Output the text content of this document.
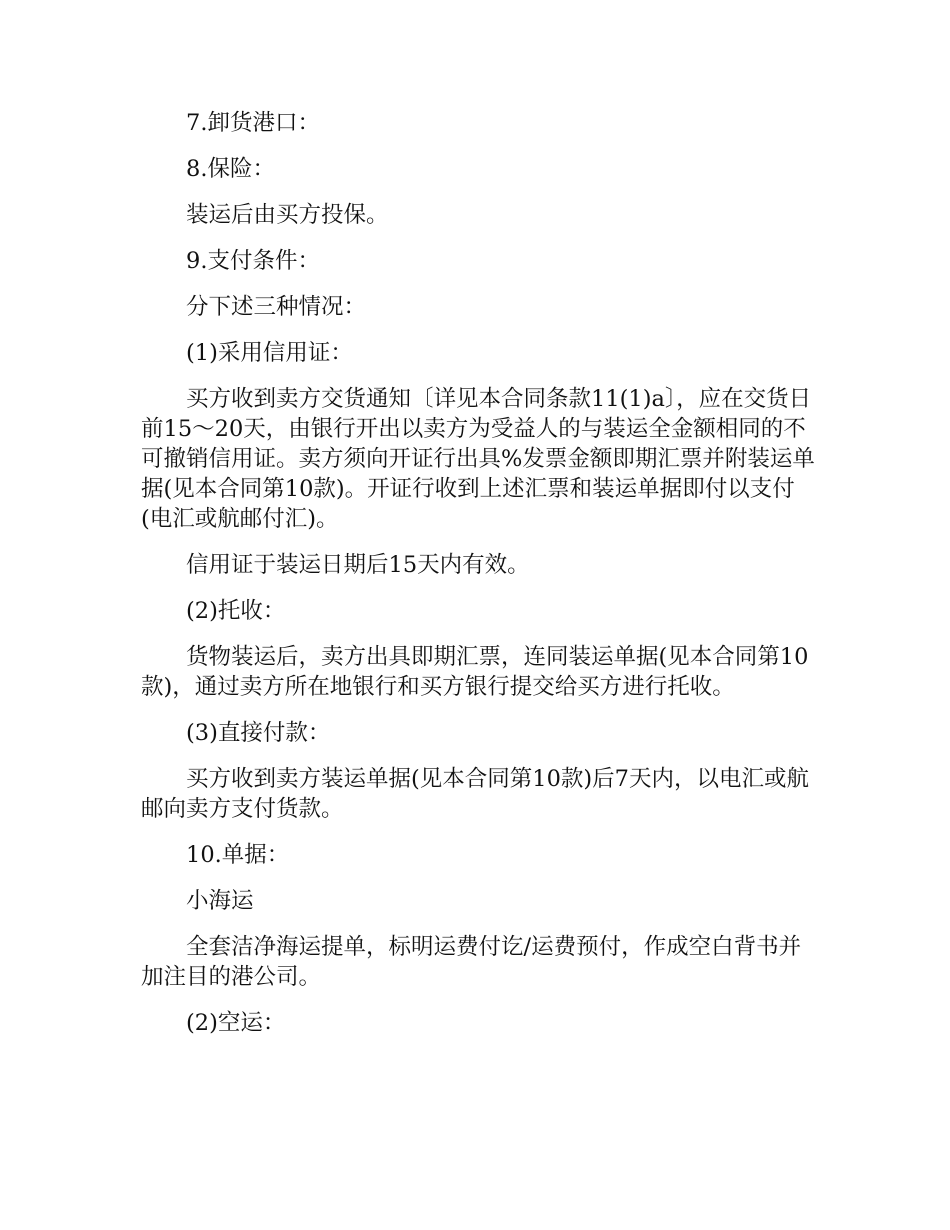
7.卸货港口：

8.保险：

装运后由买方投保。

9.支付条件：

分下述三种情况：

(1)采用信用证：

买方收到卖方交货通知〔详见本合同条款11(1)a〕，应在交货日前15～20天，由银行开出以卖方为受益人的与装运全金额相同的不可撤销信用证。卖方须向开证行出具%发票金额即期汇票并附装运单据(见本合同第10款)。开证行收到上述汇票和装运单据即付以支付(电汇或航邮付汇)。

信用证于装运日期后15天内有效。

(2)托收：

货物装运后，卖方出具即期汇票，连同装运单据(见本合同第10款)，通过卖方所在地银行和买方银行提交给买方进行托收。

(3)直接付款：

买方收到卖方装运单据(见本合同第10款)后7天内，以电汇或航邮向卖方支付货款。

10.单据：

小海运

全套洁净海运提单，标明运费付讫/运费预付，作成空白背书并加注目的港公司。

(2)空运：
